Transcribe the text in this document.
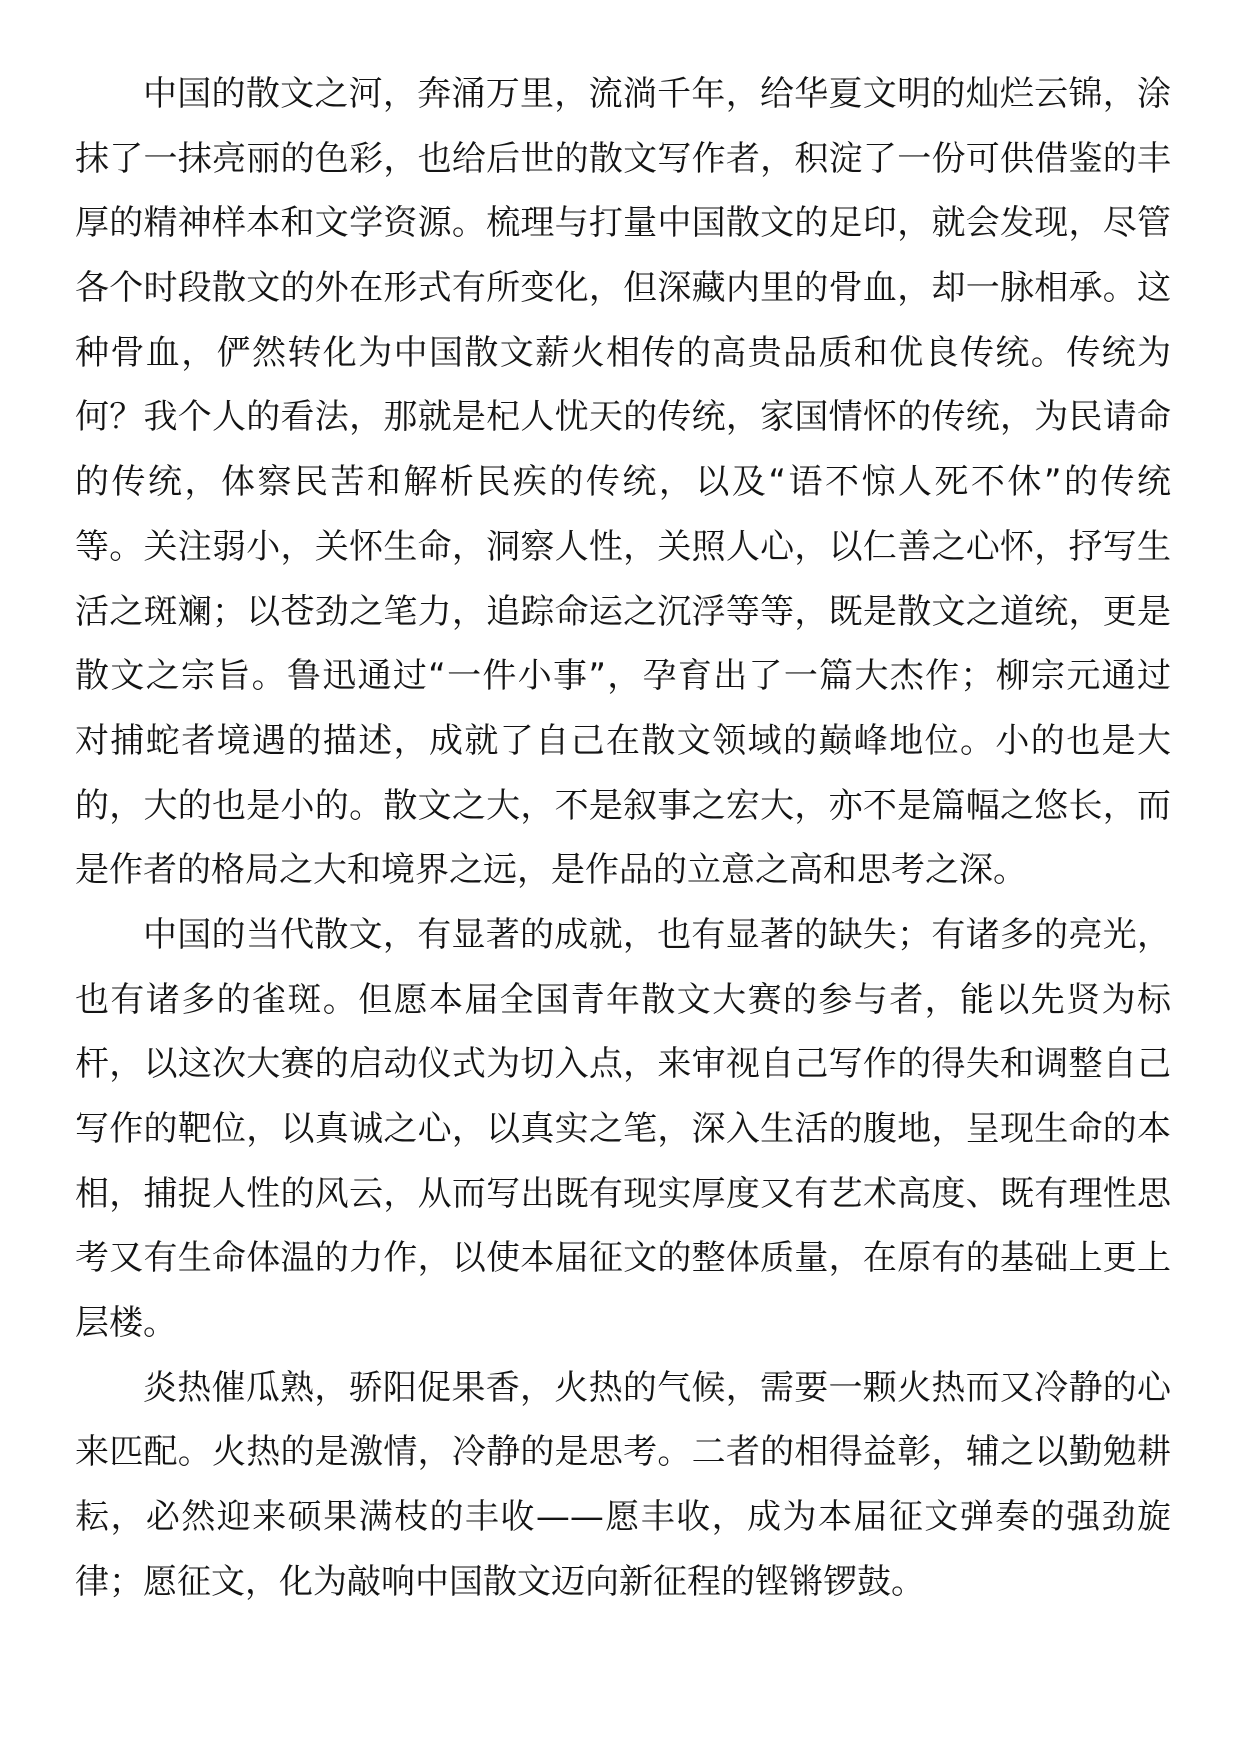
中国的散文之河，奔涌万里，流淌千年，给华夏文明的灿烂云锦，涂
抹了一抹亮丽的色彩，也给后世的散文写作者，积淀了一份可供借鉴的丰
厚的精神样本和文学资源。梳理与打量中国散文的足印，就会发现，尽管
各个时段散文的外在形式有所变化，但深藏内里的骨血，却一脉相承。这
种骨血，俨然转化为中国散文薪火相传的高贵品质和优良传统。传统为
何？我个人的看法，那就是杞人忧天的传统，家国情怀的传统，为民请命
的传统，体察民苦和解析民疾的传统，以及“语不惊人死不休”的传统
等。关注弱小，关怀生命，洞察人性，关照人心，以仁善之心怀，抒写生
活之斑斓；以苍劲之笔力，追踪命运之沉浮等等，既是散文之道统，更是
散文之宗旨。鲁迅通过“一件小事”，孕育出了一篇大杰作；柳宗元通过
对捕蛇者境遇的描述，成就了自己在散文领域的巅峰地位。小的也是大
的，大的也是小的。散文之大，不是叙事之宏大，亦不是篇幅之悠长，而
是作者的格局之大和境界之远，是作品的立意之高和思考之深。
中国的当代散文，有显著的成就，也有显著的缺失；有诸多的亮光，
也有诸多的雀斑。但愿本届全国青年散文大赛的参与者，能以先贤为标
杆，以这次大赛的启动仪式为切入点，来审视自己写作的得失和调整自己
写作的靶位，以真诚之心，以真实之笔，深入生活的腹地，呈现生命的本
相，捕捉人性的风云，从而写出既有现实厚度又有艺术高度、既有理性思
考又有生命体温的力作，以使本届征文的整体质量，在原有的基础上更上
层楼。
炎热催瓜熟，骄阳促果香，火热的气候，需要一颗火热而又冷静的心
来匹配。火热的是激情，冷静的是思考。二者的相得益彰，辅之以勤勉耕
耘，必然迎来硕果满枝的丰收——愿丰收，成为本届征文弹奏的强劲旋
律；愿征文，化为敲响中国散文迈向新征程的铿锵锣鼓。
